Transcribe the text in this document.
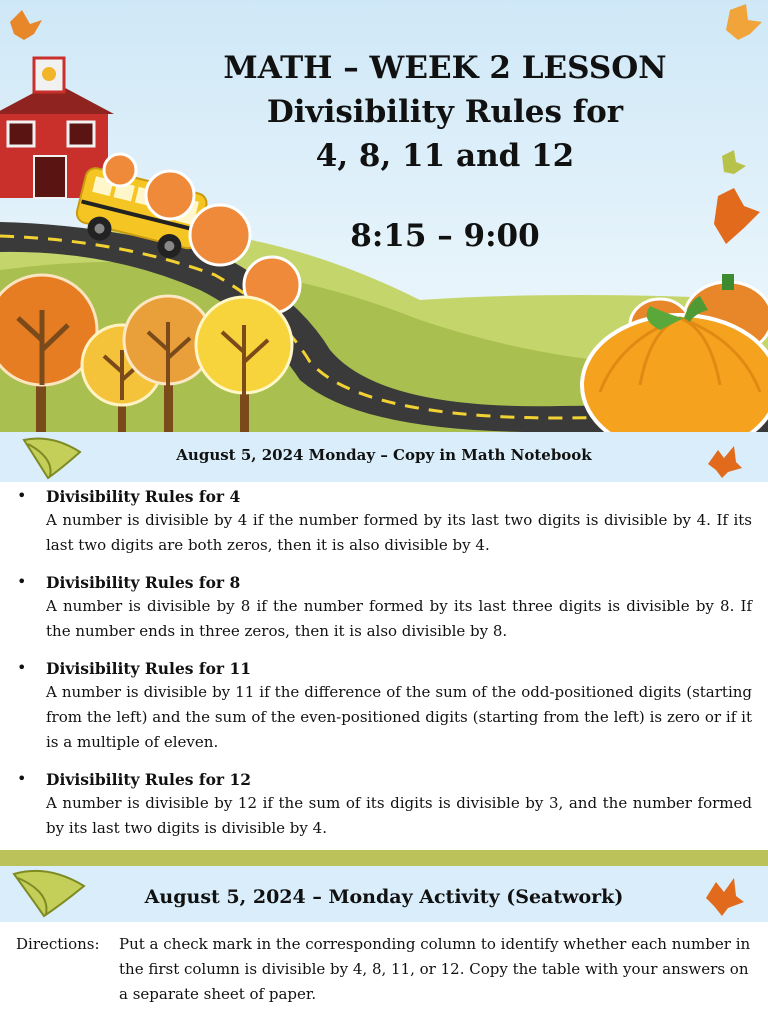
MATH – WEEK 2 LESSON
Divisibility Rules for
4, 8, 11 and 12
8:15 – 9:00
August 5, 2024 Monday – Copy in Math Notebook
• Divisibility Rules for 4
A number is divisible by 4 if the number formed by its last two digits is divisible by 4. If its last two digits are both zeros, then it is also divisible by 4.
• Divisibility Rules for 8
A number is divisible by 8 if the number formed by its last three digits is divisible by 8. If the number ends in three zeros, then it is also divisible by 8.
• Divisibility Rules for 11
A number is divisible by 11 if the difference of the sum of the odd-positioned digits (starting from the left) and the sum of the even-positioned digits (starting from the left) is zero or if it is a multiple of eleven.
• Divisibility Rules for 12
A number is divisible by 12 if the sum of its digits is divisible by 3, and the number formed by its last two digits is divisible by 4.
August 5, 2024 – Monday Activity (Seatwork)
Directions: Put a check mark in the corresponding column to identify whether each number in the first column is divisible by 4, 8, 11, or 12. Copy the table with your answers on a separate sheet of paper.
